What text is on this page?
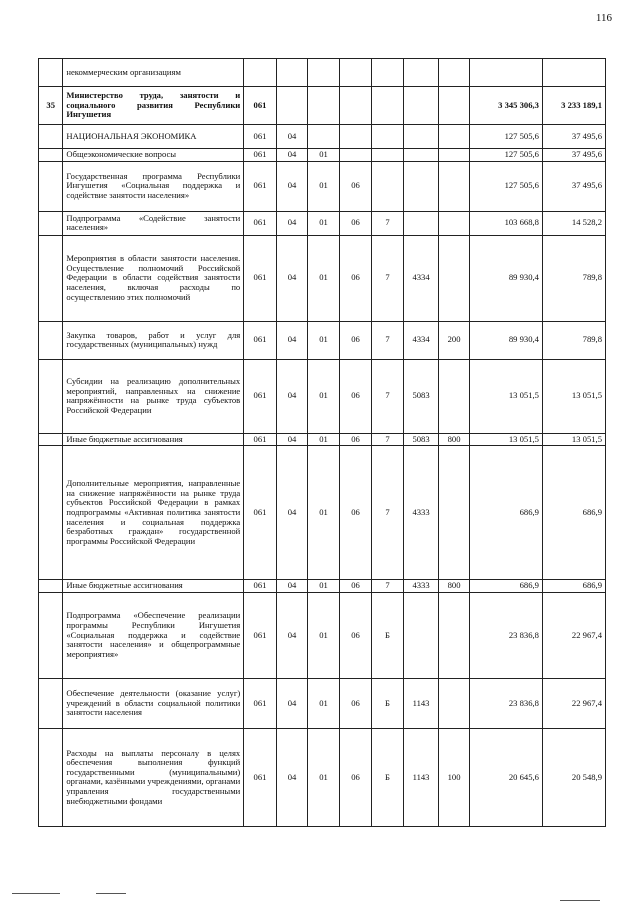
116
	некоммерческим организациям									
35	Министерство труда, занятости и социального развития Республики Ингушетия	061							3 345 306,3	3 233 189,1
	НАЦИОНАЛЬНАЯ ЭКОНОМИКА	061	04						127 505,6	37 495,6
	Общеэкономические вопросы	061	04	01					127 505,6	37 495,6
	Государственная программа Республики Ингушетия «Социальная поддержка и содействие занятости населения»	061	04	01	06				127 505,6	37 495,6
	Подпрограмма «Содействие занятости населения»	061	04	01	06	7			103 668,8	14 528,2
	Мероприятия в области занятости населения. Осуществление полномочий Российской Федерации в области содействия занятости населения, включая расходы по осуществлению этих полномочий	061	04	01	06	7	4334		89 930,4	789,8
	Закупка товаров, работ и услуг для государственных (муниципальных) нужд	061	04	01	06	7	4334	200	89 930,4	789,8
	Субсидии на реализацию дополнительных мероприятий, направленных на снижение напряжённости на рынке труда субъектов Российской Федерации	061	04	01	06	7	5083		13 051,5	13 051,5
	Иные бюджетные ассигнования	061	04	01	06	7	5083	800	13 051,5	13 051,5
	Дополнительные мероприятия, направленные на снижение напряжённости на рынке труда субъектов Российской Федерации в рамках подпрограммы «Активная политика занятости населения и социальная поддержка безработных граждан» государственной программы Российской Федерации	061	04	01	06	7	4333		686,9	686,9
	Иные бюджетные ассигнования	061	04	01	06	7	4333	800	686,9	686,9
	Подпрограмма «Обеспечение реализации программы Республики Ингушетия «Социальная поддержка и содействие занятости населения» и общепрограммные мероприятия»	061	04	01	06	Б			23 836,8	22 967,4
	Обеспечение деятельности (оказание услуг) учреждений в области социальной политики занятости населения	061	04	01	06	Б	1143		23 836,8	22 967,4
	Расходы на выплаты персоналу в целях обеспечения выполнения функций государственными (муниципальными) органами, казёнными учреждениями, органами управления государственными внебюджетными фондами	061	04	01	06	Б	1143	100	20 645,6	20 548,9
